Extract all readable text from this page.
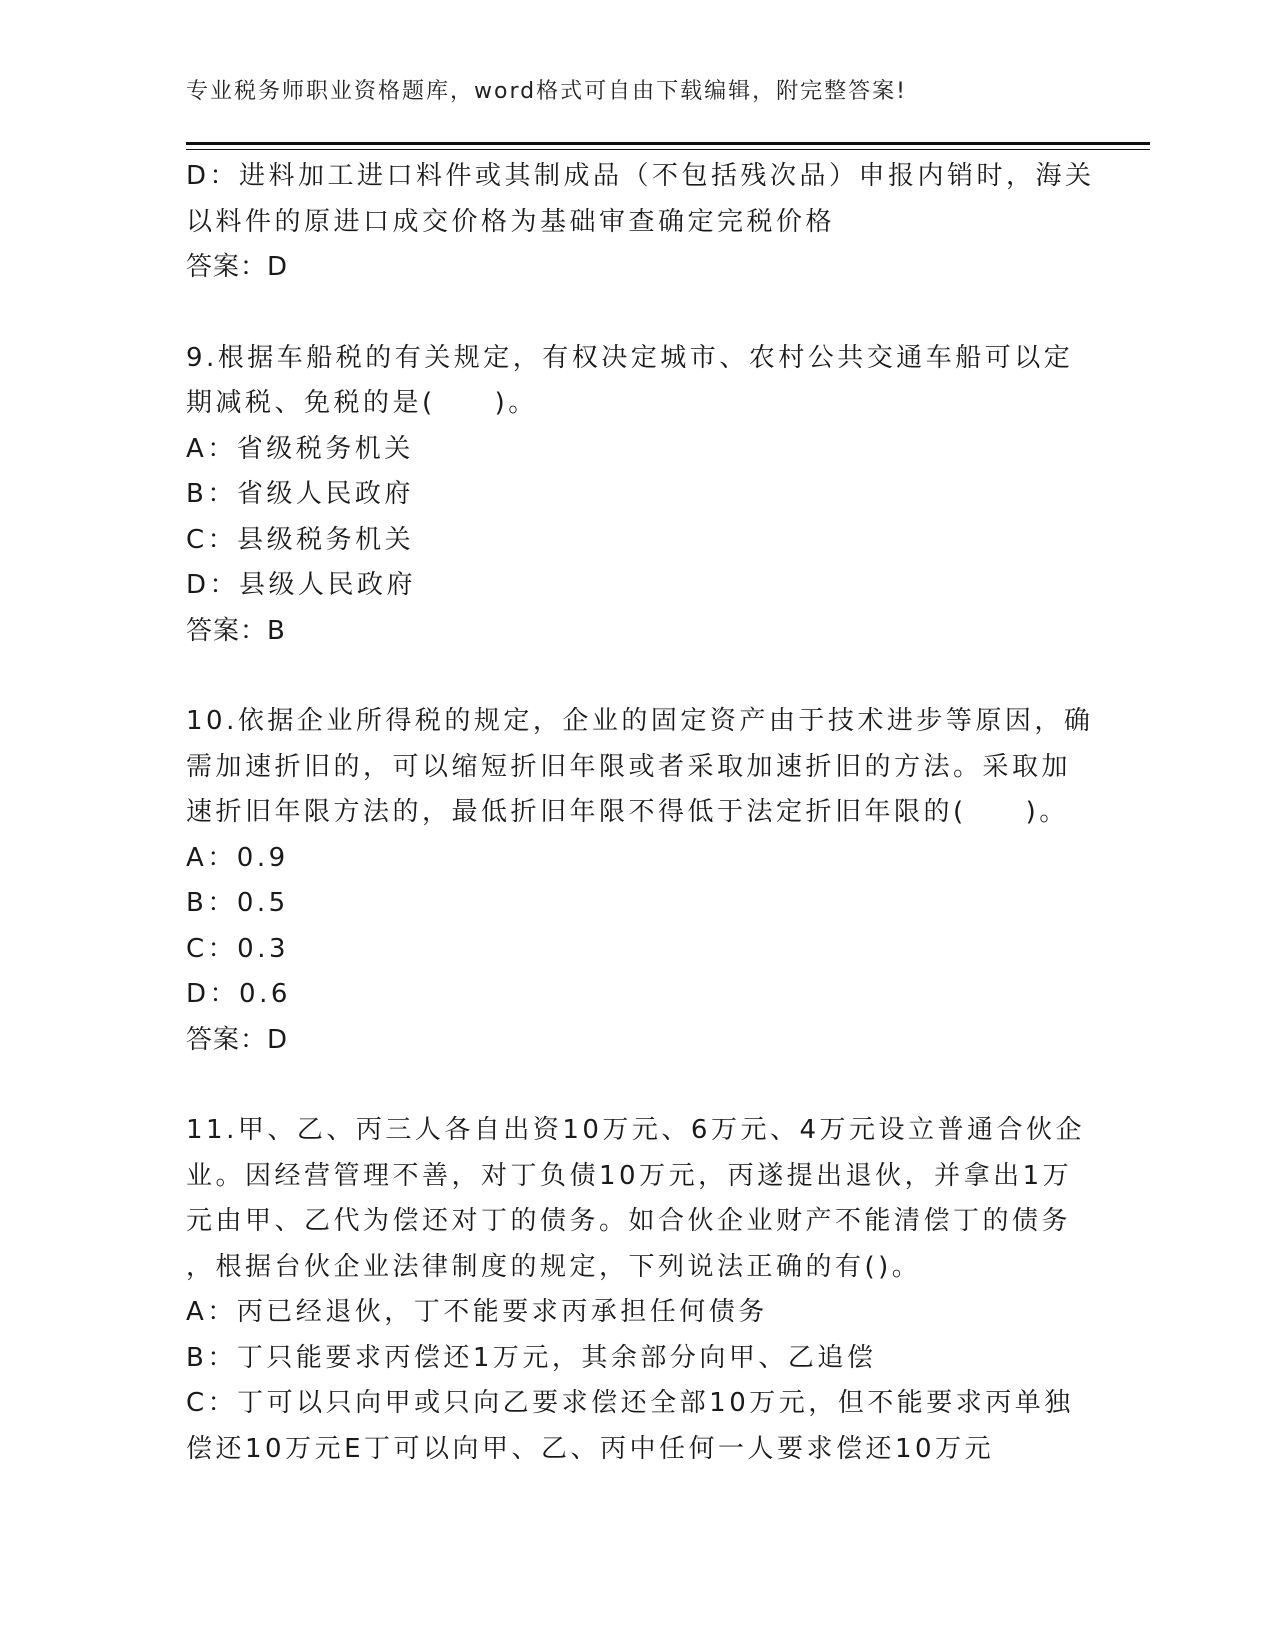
专业税务师职业资格题库，word格式可自由下载编辑，附完整答案!
D：进料加工进口料件或其制成品（不包括残次品）申报内销时，海关
以料件的原进口成交价格为基础审查确定完税价格
答案：D
9.根据车船税的有关规定，有权决定城市、农村公共交通车船可以定
期减税、免税的是(　　)。
A：省级税务机关
B：省级人民政府
C：县级税务机关
D：县级人民政府
答案：B
10.依据企业所得税的规定，企业的固定资产由于技术进步等原因，确
需加速折旧的，可以缩短折旧年限或者采取加速折旧的方法。采取加
速折旧年限方法的，最低折旧年限不得低于法定折旧年限的(　　)。
A：0.9
B：0.5
C：0.3
D：0.6
答案：D
11.甲、乙、丙三人各自出资10万元、6万元、4万元设立普通合伙企
业。因经营管理不善，对丁负债10万元，丙遂提出退伙，并拿出1万
元由甲、乙代为偿还对丁的债务。如合伙企业财产不能清偿丁的债务
，根据台伙企业法律制度的规定，下列说法正确的有()。
A：丙已经退伙，丁不能要求丙承担任何债务
B：丁只能要求丙偿还1万元，其余部分向甲、乙追偿
C：丁可以只向甲或只向乙要求偿还全部10万元，但不能要求丙单独
偿还10万元E丁可以向甲、乙、丙中任何一人要求偿还10万元
